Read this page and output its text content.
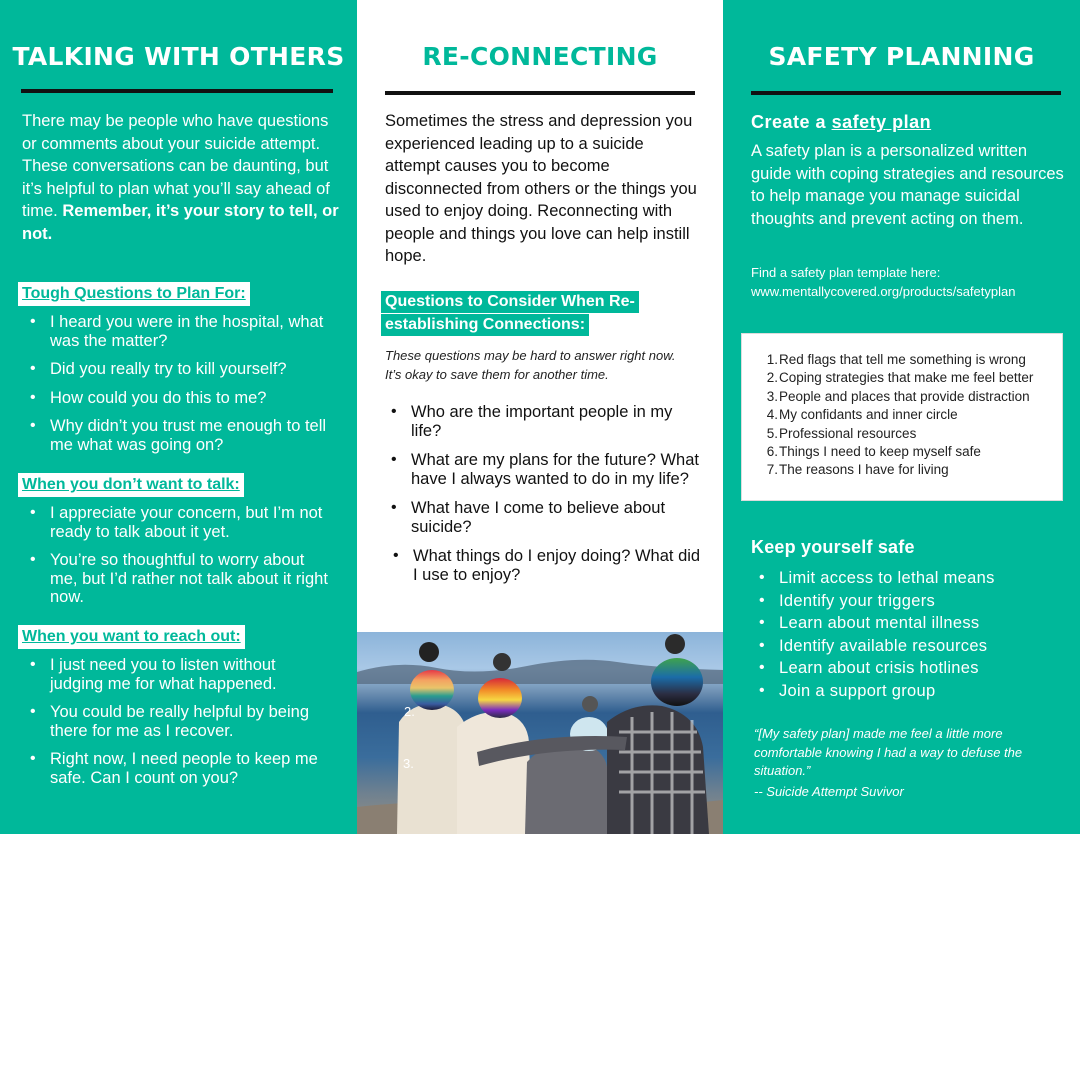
TALKING WITH OTHERS
There may be people who have questions or comments about your suicide attempt. These conversations can be daunting, but it’s helpful to plan what you’ll say ahead of time. Remember, it’s your story to tell, or not.
Tough Questions to Plan For:
• I heard you were in the hospital, what was the matter?
• Did you really try to kill yourself?
• How could you do this to me?
• Why didn’t you trust me enough to tell me what was going on?
When you don’t want to talk:
• I appreciate your concern, but I’m not ready to talk about it yet.
• You’re so thoughtful to worry about me, but I’d rather not talk about it right now.
When you want to reach out:
• I just need you to listen without judging me for what happened.
• You could be really helpful by being there for me as I recover.
• Right now, I need people to keep me safe. Can I count on you?
RE-CONNECTING
Sometimes the stress and depression you experienced leading up to a suicide attempt causes you to become disconnected from others or the things you used to enjoy doing. Reconnecting with people and things you love can help instill hope.
Questions to Consider When Re-
establishing Connections:
These questions may be hard to answer right now. It’s okay to save them for another time.
• Who are the important people in my life?
• What are my plans for the future? What have I always wanted to do in my life?
• What have I come to believe about suicide?
• What things do I enjoy doing? What did I use to enjoy?
2.
3.
SAFETY PLANNING
Create a safety plan
A safety plan is a personalized written guide with coping strategies and resources to help manage you manage suicidal thoughts and prevent acting on them.
Find a safety plan template here:
www.mentallycovered.org/products/safetyplan
Keep yourself safe
• Limit access to lethal means
• Identify your triggers
• Learn about mental illness
• Identify available resources
• Learn about crisis hotlines
• Join a support group
“[My safety plan] made me feel a little more comfortable knowing I had a way to defuse the situation.”
-- Suicide Attempt Suvivor
1.Red flags that tell me something is wrong
2.Coping strategies that make me feel better
3.People and places that provide distraction
4.My confidants and inner circle
5.Professional resources
6.Things I need to keep myself safe
7.The reasons I have for living
